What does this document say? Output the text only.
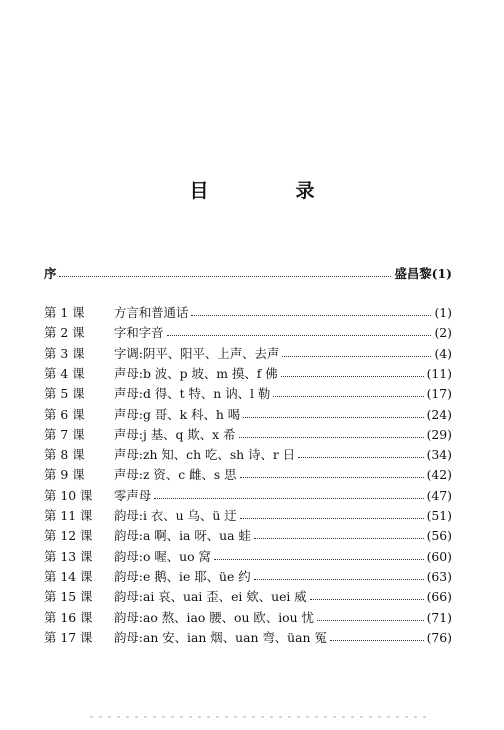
目　录
序	盛昌黎 (1)
第 1 课	方言和普通话	(1)
第 2 课	字和字音	(2)
第 3 课	字调:阴平、阳平、上声、去声	(4)
第 4 课	声母:b 波、p 坡、m 摸、f 佛	(11)
第 5 课	声母:d 得、t 特、n 讷、l 勒	(17)
第 6 课	声母:g 哥、k 科、h 喝	(24)
第 7 课	声母:j 基、q 欺、x 希	(29)
第 8 课	声母:zh 知、ch 吃、sh 诗、r 日	(34)
第 9 课	声母:z 资、c 雌、s 思	(42)
第 10 课	零声母	(47)
第 11 课	韵母:i 衣、u 乌、ü 迂	(51)
第 12 课	韵母:a 啊、ia 呀、ua 蛙	(56)
第 13 课	韵母:o 喔、uo 窝	(60)
第 14 课	韵母:e 鹅、ie 耶、üe 约	(63)
第 15 课	韵母:ai 哀、uai 歪、ei 欸、uei 威	(66)
第 16 课	韵母:ao 熬、iao 腰、ou 欧、iou 忧	(71)
第 17 课	韵母:an 安、ian 烟、uan 弯、üan 冤	(76)
